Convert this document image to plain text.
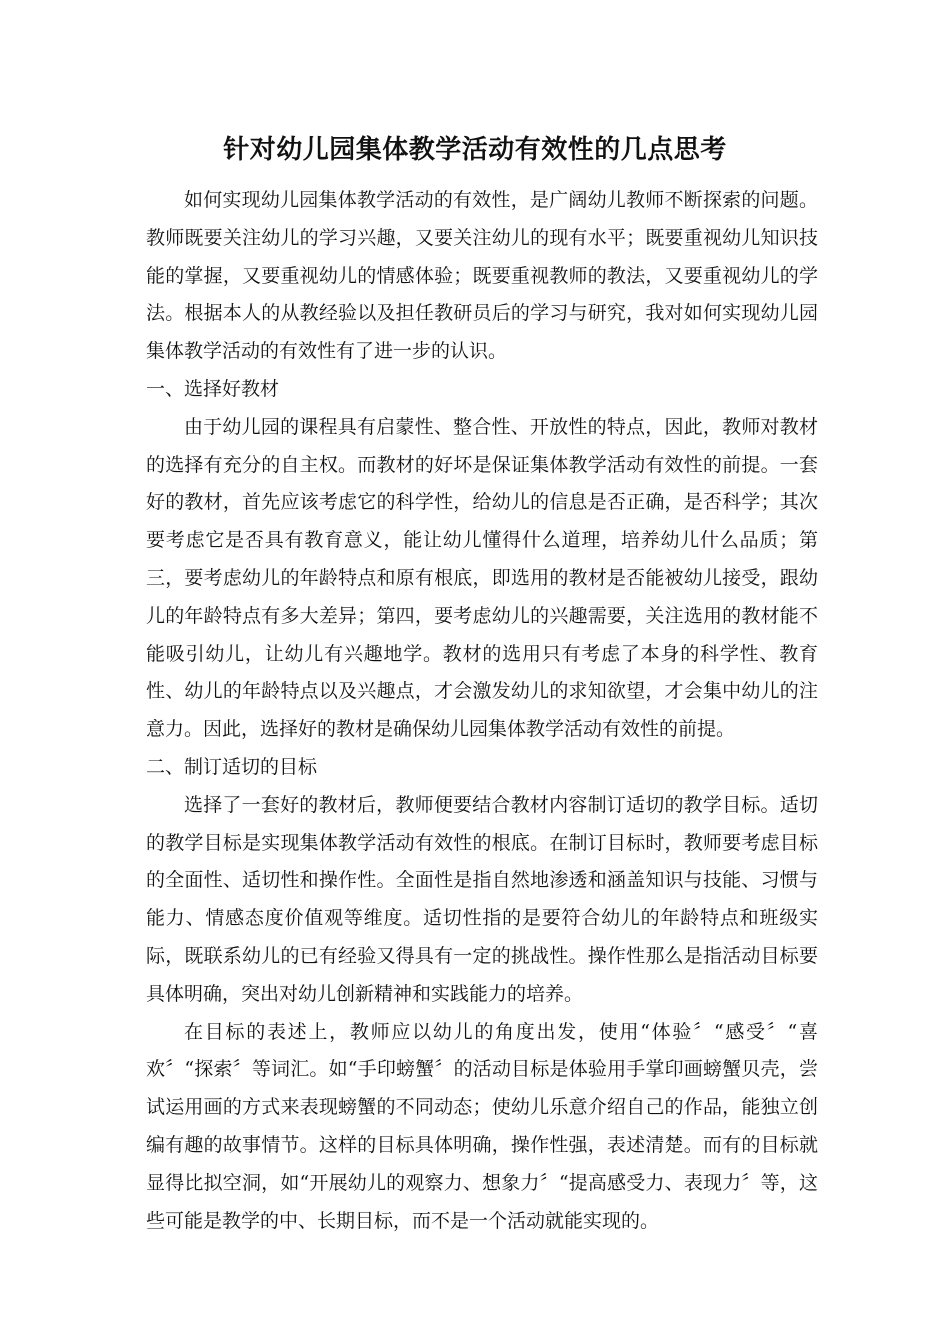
针对幼儿园集体教学活动有效性的几点思考

如何实现幼儿园集体教学活动的有效性，是广阔幼儿教师不断探索的问题。教师既要关注幼儿的学习兴趣，又要关注幼儿的现有水平；既要重视幼儿知识技能的掌握，又要重视幼儿的情感体验；既要重视教师的教法，又要重视幼儿的学法。根据本人的从教经验以及担任教研员后的学习与研究，我对如何实现幼儿园集体教学活动的有效性有了进一步的认识。

一、选择好教材

由于幼儿园的课程具有启蒙性、整合性、开放性的特点，因此，教师对教材的选择有充分的自主权。而教材的好坏是保证集体教学活动有效性的前提。一套好的教材，首先应该考虑它的科学性，给幼儿的信息是否正确，是否科学；其次要考虑它是否具有教育意义，能让幼儿懂得什么道理，培养幼儿什么品质；第三，要考虑幼儿的年龄特点和原有根底，即选用的教材是否能被幼儿接受，跟幼儿的年龄特点有多大差异；第四，要考虑幼儿的兴趣需要，关注选用的教材能不能吸引幼儿，让幼儿有兴趣地学。教材的选用只有考虑了本身的科学性、教育性、幼儿的年龄特点以及兴趣点，才会激发幼儿的求知欲望，才会集中幼儿的注意力。因此，选择好的教材是确保幼儿园集体教学活动有效性的前提。

二、制订适切的目标

选择了一套好的教材后，教师便要结合教材内容制订适切的教学目标。适切的教学目标是实现集体教学活动有效性的根底。在制订目标时，教师要考虑目标的全面性、适切性和操作性。全面性是指自然地渗透和涵盖知识与技能、习惯与能力、情感态度价值观等维度。适切性指的是要符合幼儿的年龄特点和班级实际，既联系幼儿的已有经验又得具有一定的挑战性。操作性那么是指活动目标要具体明确，突出对幼儿创新精神和实践能力的培养。

在目标的表述上，教师应以幼儿的角度出发，使用“体验〞“感受〞“喜欢〞“探索〞等词汇。如“手印螃蟹〞的活动目标是体验用手掌印画螃蟹贝壳，尝试运用画的方式来表现螃蟹的不同动态；使幼儿乐意介绍自己的作品，能独立创编有趣的故事情节。这样的目标具体明确，操作性强，表述清楚。而有的目标就显得比拟空洞，如“开展幼儿的观察力、想象力〞“提高感受力、表现力〞等，这些可能是教学的中、长期目标，而不是一个活动就能实现的。
